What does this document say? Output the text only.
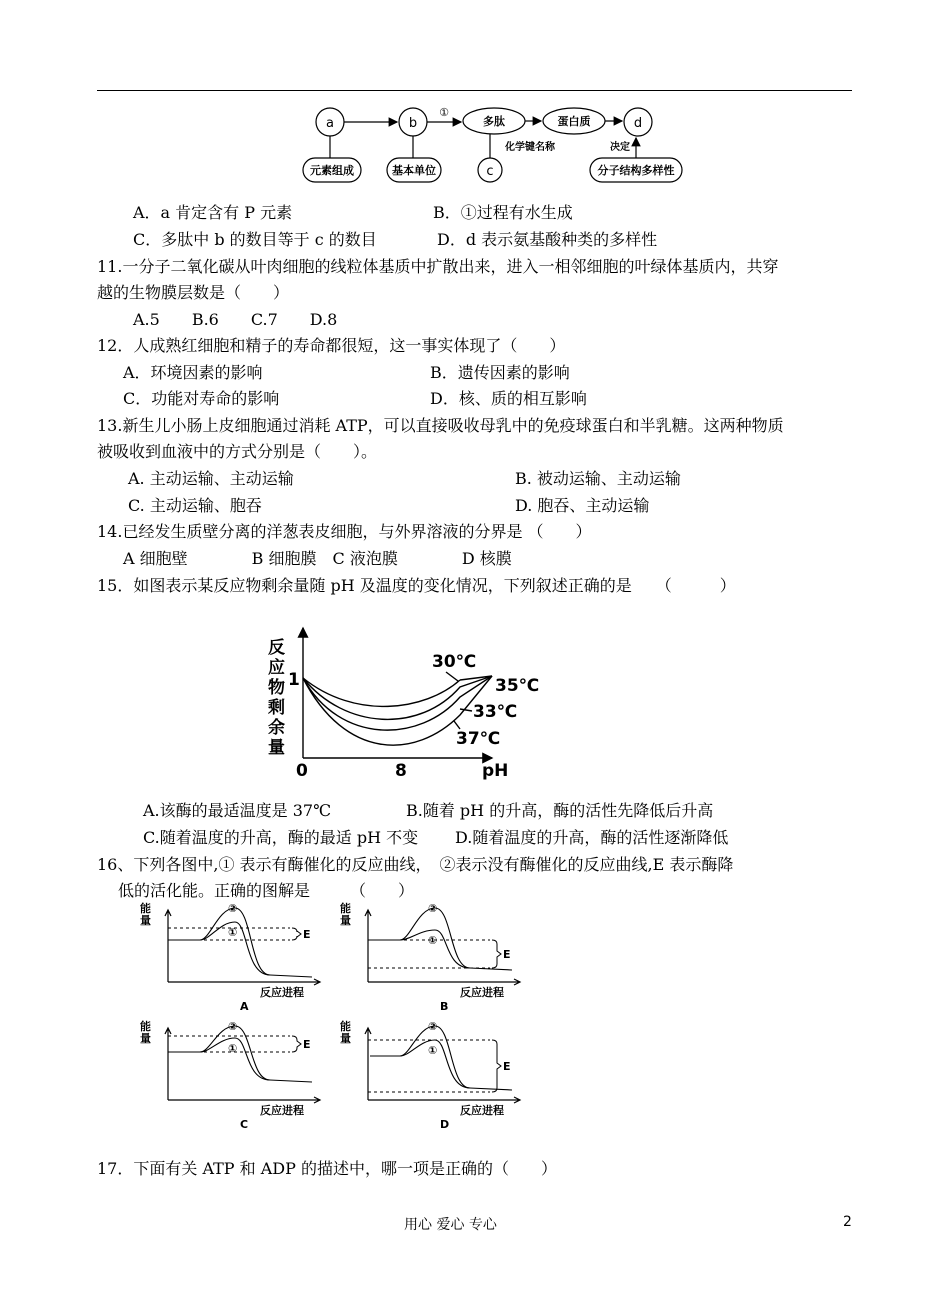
a	b	d
c
①
多肽	蛋白质
元素组成	基本单位
化学键名称	决定
分子结构多样性
A．a 肯定含有 P 元素	B．①过程有水生成
C．多肽中 b 的数目等于 c 的数目	D．d 表示氨基酸种类的多样性
11.一分子二氧化碳从叶肉细胞的线粒体基质中扩散出来，进入一相邻细胞的叶绿体基质内，共穿
越的生物膜层数是（　　）
A.5　　B.6　　C.7　　D.8
12．人成熟红细胞和精子的寿命都很短，这一事实体现了（　　）
A．环境因素的影响	B．遗传因素的影响
C．功能对寿命的影响	D．核、质的相互影响
13.新生儿小肠上皮细胞通过消耗 ATP，可以直接吸收母乳中的免疫球蛋白和半乳糖。这两种物质
被吸收到血液中的方式分别是（　　）。
A. 主动运输、主动运输	B. 被动运输、主动运输
C. 主动运输、胞吞	D. 胞吞、主动运输
14.已经发生质壁分离的洋葱表皮细胞，与外界溶液的分界是 （　　）
A 细胞壁　　　　B 细胞膜　C 液泡膜　　　　D 核膜
15．如图表示某反应物剩余量随 pH 及温度的变化情况，下列叙述正确的是　　（　　　）
反应物剩余量
1
0	8	pH
30℃
35℃
33℃
37℃
A.该酶的最适温度是 37℃	B.随着 pH 的升高，酶的活性先降低后升高
C.随着温度的升高，酶的最适 pH 不变 D.随着温度的升高，酶的活性逐渐降低
16、下列各图中,① 表示有酶催化的反应曲线，　②表示没有酶催化的反应曲线,E 表示酶降
低的活化能。正确的图解是　　　（　　）
能
量
②
①	E
反应进程
A
能
量
②
①
E
反应进程
B
能
量
②
①	E
反应进程
C
能
量
②
①
E
反应进程
D
17．下面有关 ATP 和 ADP 的描述中，哪一项是正确的（　　）
用心 爱心 专心	2
